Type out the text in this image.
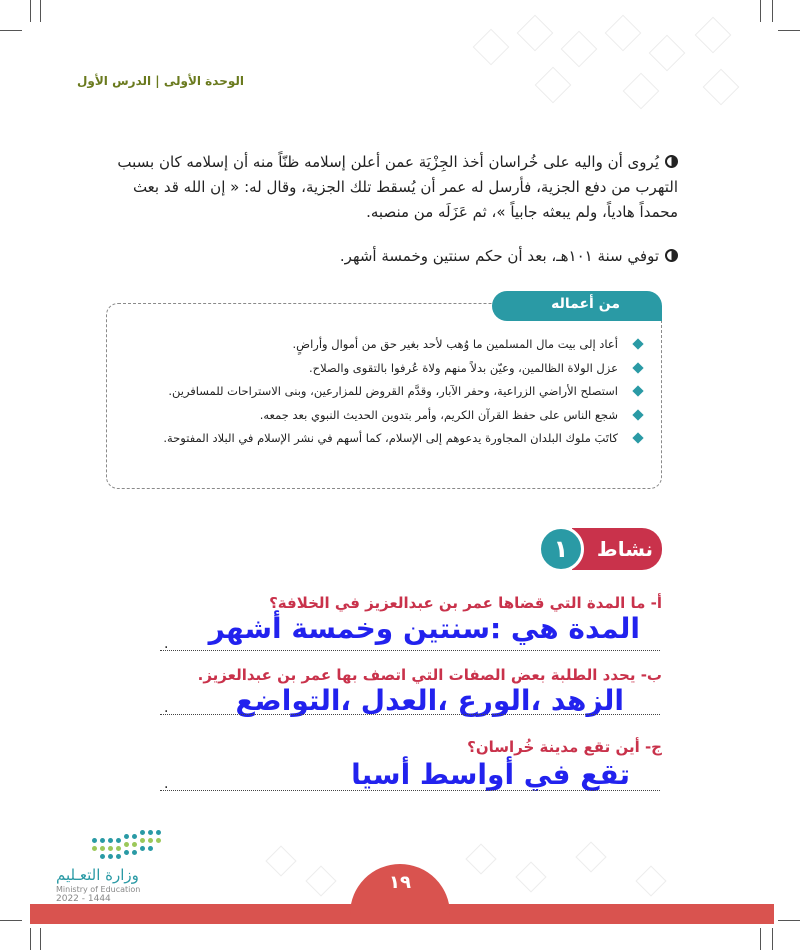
الوحدة الأولى | الدرس الأول
يُروى أن واليه على خُراسان أخذ الجِزْيَة عمن أعلن إسلامه ظنّاً منه أن إسلامه كان بسبب التهرب من دفع الجزية، فأرسل له عمر أن يُسقط تلك الجزية، وقال له: « إن الله قد بعث محمداً هادياً، ولم يبعثه جابياً »، ثم عَزَلَه من منصبه.
توفي سنة ١٠١هـ، بعد أن حكم سنتين وخمسة أشهر.
من أعماله
أعاد إلى بيت مال المسلمين ما وُهب لأحد بغير حق من أموال وأراضٍ.
عزل الولاة الظالمين، وعيّن بدلاً منهم ولاة عُرفوا بالتقوى والصلاح.
استصلح الأراضي الزراعية، وحفر الآبار، وقدَّم القروض للمزارعين، وبنى الاستراحات للمسافرين.
شجع الناس على حفظ القرآن الكريم، وأمر بتدوين الحديث النبوي بعد جمعه.
كاتَبَ ملوك البلدان المجاورة يدعوهم إلى الإسلام، كما أسهم في نشر الإسلام في البلاد المفتوحة.
نشاط
١
أ- ما المدة التي قضاها عمر بن عبدالعزيز في الخلافة؟
المدة هي :سنتين وخمسة أشهر
.
ب- يحدد الطلبة بعض الصفات التي اتصف بها عمر بن عبدالعزيز.
الزهد ،الورع ،العدل ،التواضع
.
ج- أين تقع مدينة خُراسان؟
تقع في أواسط أسيا
.
وزارة التعـليم
Ministry of Education
2022 - 1444
١٩
